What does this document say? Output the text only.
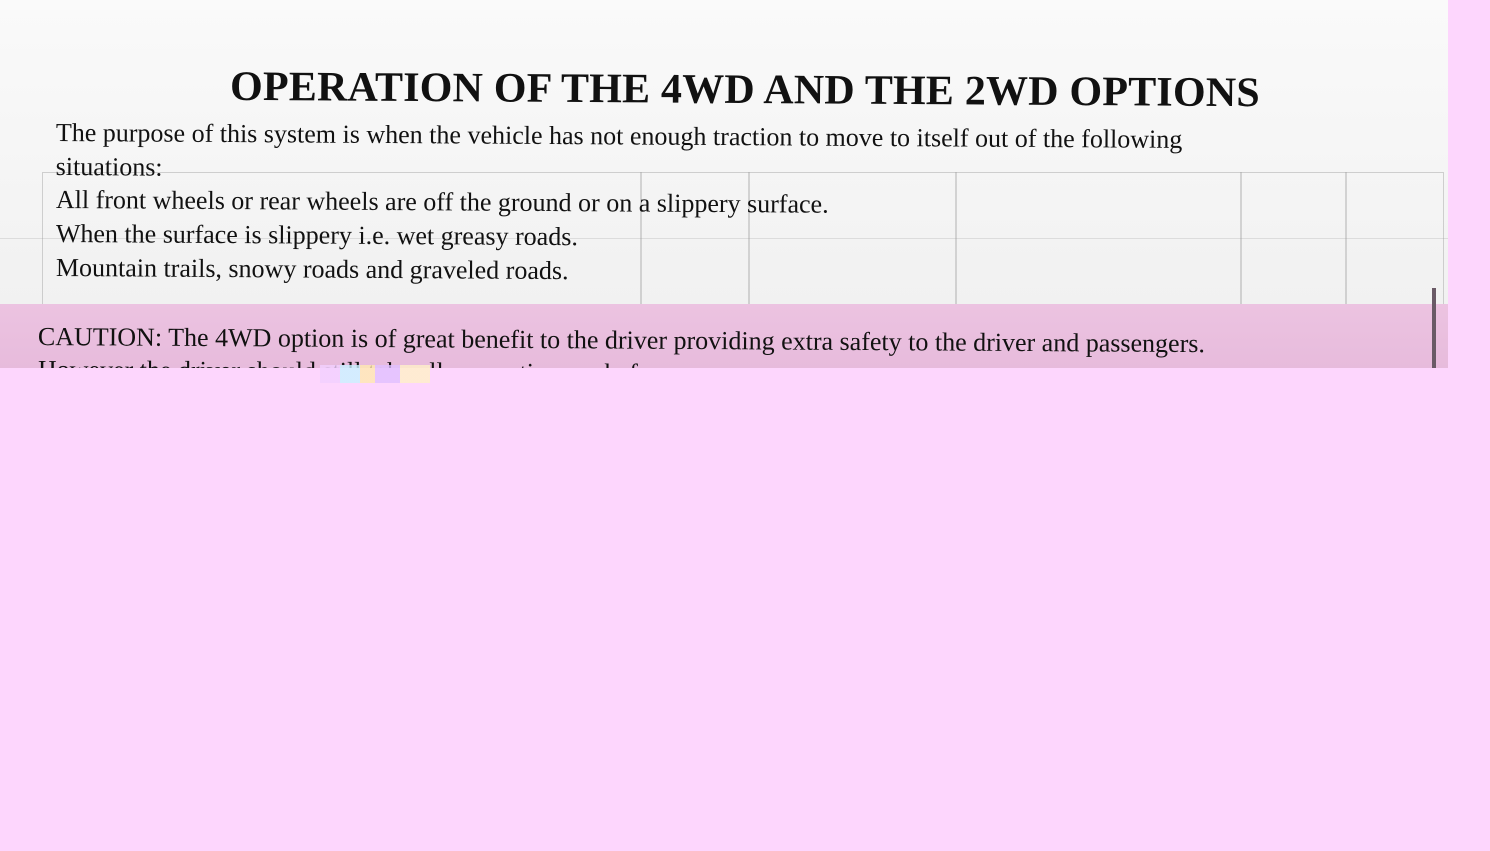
OPERATION OF THE 4WD AND THE 2WD OPTIONS

The purpose of this system is when the vehicle has not enough traction to move to itself out of the following
situations:

All front wheels or rear wheels are off the ground or on a slippery surface.

When the surface is slippery i.e. wet greasy roads.

Mountain trails, snowy roads and graveled roads.

CAUTION: The 4WD option is of great benefit to the driver providing extra safety to the driver and passengers.
